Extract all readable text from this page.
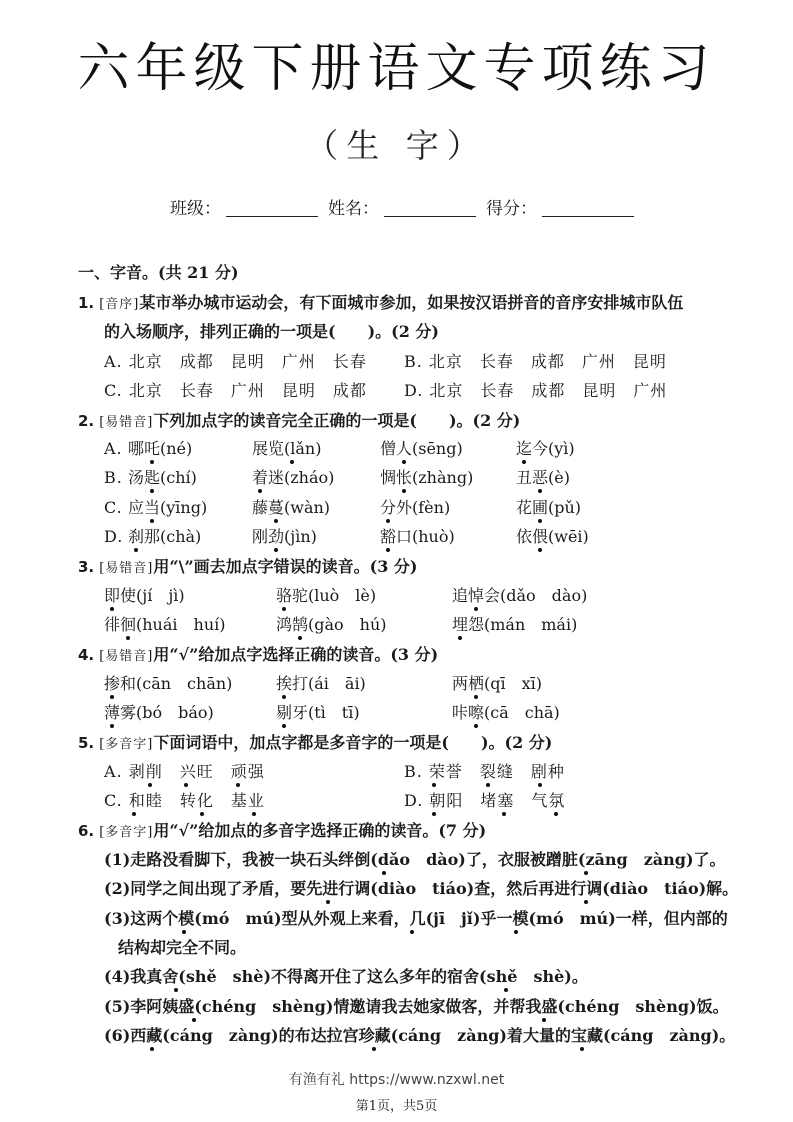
六年级下册语文专项练习
（生 字）
班级：	姓名：	得分：
一、字音。(共 21 分)
1. [音序]某市举办城市运动会，有下面城市参加，如果按汉语拼音的音序安排城市队伍
的入场顺序，排列正确的一项是(　　)。(2 分)
A. 北京　成都　昆明　广州　长春 B. 北京　长春　成都　广州　昆明
C. 北京　长春　广州　昆明　成都 D. 北京　长春　成都　昆明　广州
2. [易错音]下列加点字的读音完全正确的一项是(　　)。(2 分)
A. 哪吒(né)	展览(lǎn)	僧人(sēng)	迄今(yì)
B. 汤匙(chí)	着迷(zháo)	惆怅(zhàng)	丑恶(è)
C. 应当(yīng)	藤蔓(wàn)	分外(fèn)	花圃(pǔ)
D. 刹那(chà)	刚劲(jìn)	豁口(huò)	依偎(wēi)
3. [易错音]用“\”画去加点字错误的读音。(3 分)
即使(jí　jì)	骆驼(luò　lè)	追悼会(dǎo　dào)
徘徊(huái　huí)	鸿鹄(gào　hú)	埋怨(mán　mái)
4. [易错音]用“√”给加点字选择正确的读音。(3 分)
掺和(cān　chān)	挨打(ái　āi)	两栖(qī　xī)
薄雾(bó　báo)	剔牙(tì　tī)	咔嚓(cā　chā)
5. [多音字]下面词语中，加点字都是多音字的一项是(　　)。(2 分)
A. 剥削　兴旺　顽强	B. 荣誉　裂缝　剧种
C. 和睦　转化　基业	D. 朝阳　堵塞　气氛
6. [多音字]用“√”给加点的多音字选择正确的读音。(7 分)
(1)走路没看脚下，我被一块石头绊倒(dǎo　dào)了，衣服被蹭脏(zāng　zàng)了。
(2)同学之间出现了矛盾，要先进行调(diào　tiáo)查，然后再进行调(diào　tiáo)解。
(3)这两个模(mó　mú)型从外观上来看，几(jī　jǐ)乎一模(mó　mú)一样，但内部的
结构却完全不同。
(4)我真舍(shě　shè)不得离开住了这么多年的宿舍(shě　shè)。
(5)李阿姨盛(chéng　shèng)情邀请我去她家做客，并帮我盛(chéng　shèng)饭。
(6)西藏(cáng　zàng)的布达拉宫珍藏(cáng　zàng)着大量的宝藏(cáng　zàng)。
有渔有礼 https://www.nzxwl.net
第1页，共5页
